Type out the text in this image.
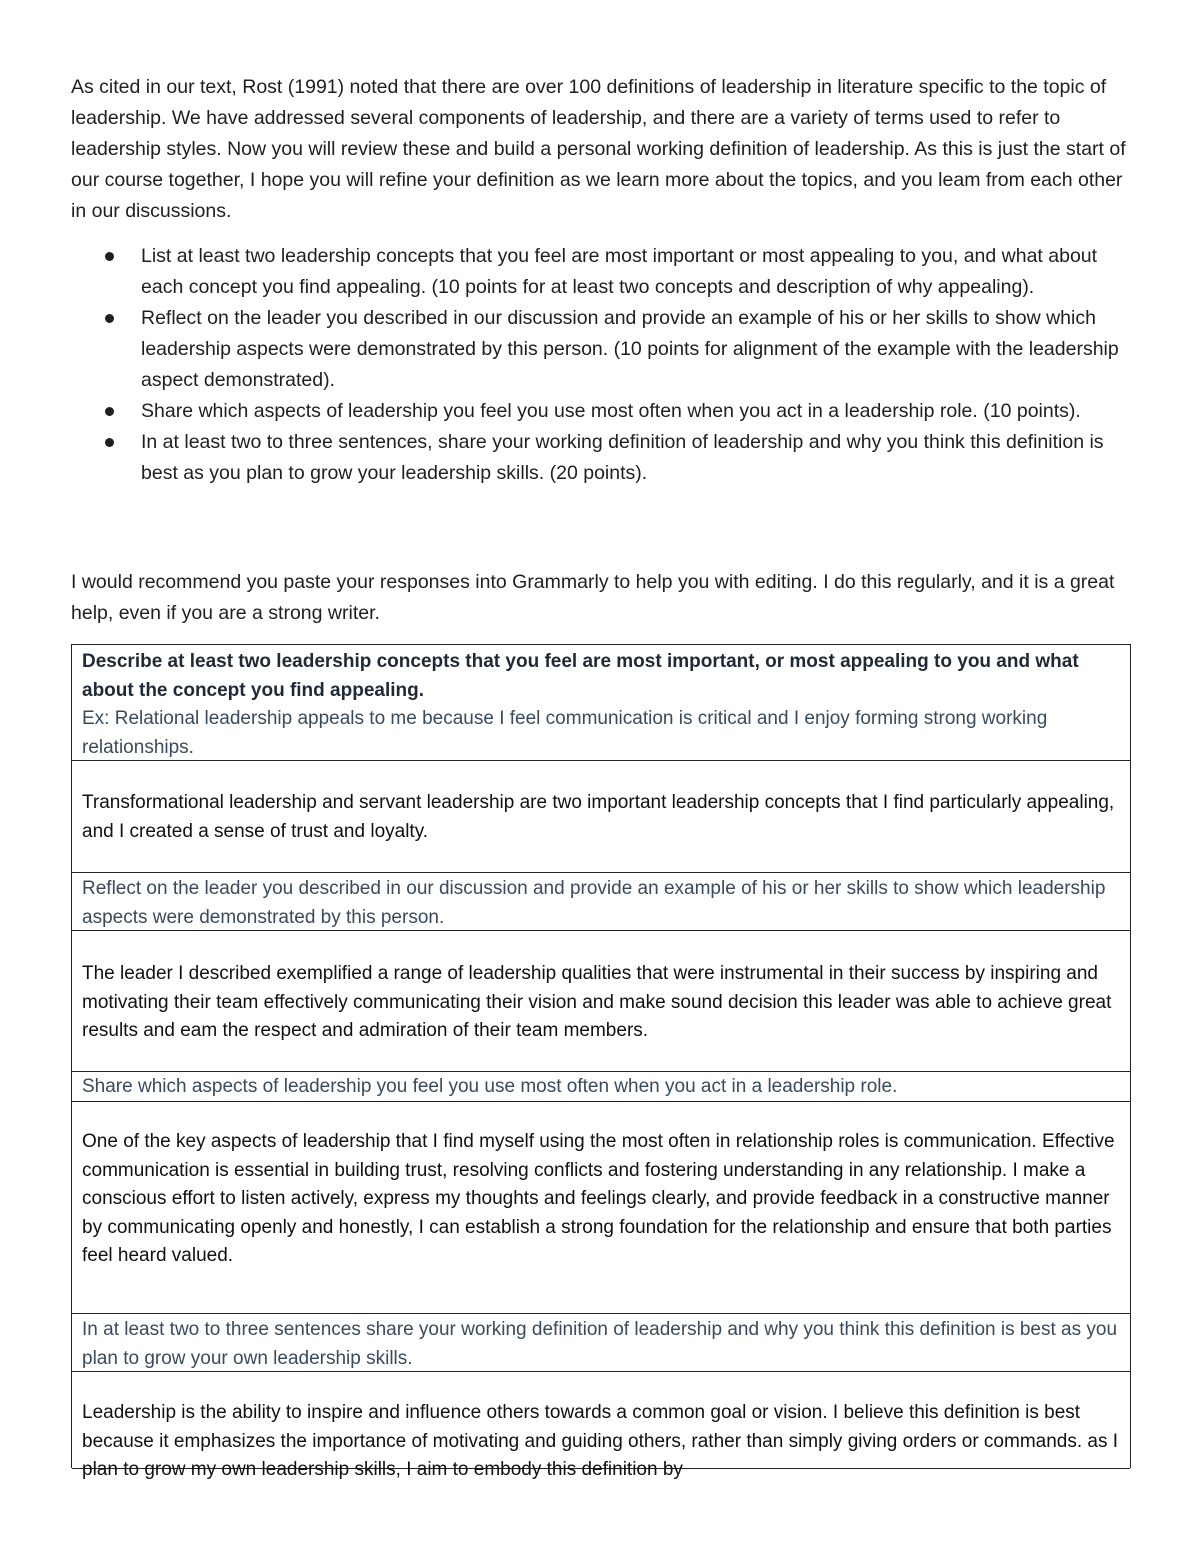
As cited in our text, Rost (1991) noted that there are over 100 definitions of leadership in literature specific to the topic of leadership. We have addressed several components of leadership, and there are a variety of terms used to refer to leadership styles. Now you will review these and build a personal working definition of leadership. As this is just the start of our course together, I hope you will refine your definition as we learn more about the topics, and you leam from each other in our discussions.

List at least two leadership concepts that you feel are most important or most appealing to you, and what about each concept you find appealing. (10 points for at least two concepts and description of why appealing).
Reflect on the leader you described in our discussion and provide an example of his or her skills to show which leadership aspects were demonstrated by this person. (10 points for alignment of the example with the leadership aspect demonstrated).
Share which aspects of leadership you feel you use most often when you act in a leadership role. (10 points).
In at least two to three sentences, share your working definition of leadership and why you think this definition is best as you plan to grow your leadership skills. (20 points).

I would recommend you paste your responses into Grammarly to help you with editing. I do this regularly, and it is a great help, even if you are a strong writer.

Describe at least two leadership concepts that you feel are most important, or most appealing to you and what about the concept you find appealing.
Ex: Relational leadership appeals to me because I feel communication is critical and I enjoy forming strong working relationships.
Transformational leadership and servant leadership are two important leadership concepts that I find particularly appealing, and I created a sense of trust and loyalty.
Reflect on the leader you described in our discussion and provide an example of his or her skills to show which leadership aspects were demonstrated by this person.
The leader I described exemplified a range of leadership qualities that were instrumental in their success by inspiring and motivating their team effectively communicating their vision and make sound decision this leader was able to achieve great results and eam the respect and admiration of their team members.
Share which aspects of leadership you feel you use most often when you act in a leadership role.
One of the key aspects of leadership that I find myself using the most often in relationship roles is communication. Effective communication is essential in building trust, resolving conflicts and fostering understanding in any relationship. I make a conscious effort to listen actively, express my thoughts and feelings clearly, and provide feedback in a constructive manner by communicating openly and honestly, I can establish a strong foundation for the relationship and ensure that both parties feel heard valued.
In at least two to three sentences share your working definition of leadership and why you think this definition is best as you plan to grow your own leadership skills.
Leadership is the ability to inspire and influence others towards a common goal or vision. I believe this definition is best because it emphasizes the importance of motivating and guiding others, rather than simply giving orders or commands. as I plan to grow my own leadership skills, I aim to embody this definition by
